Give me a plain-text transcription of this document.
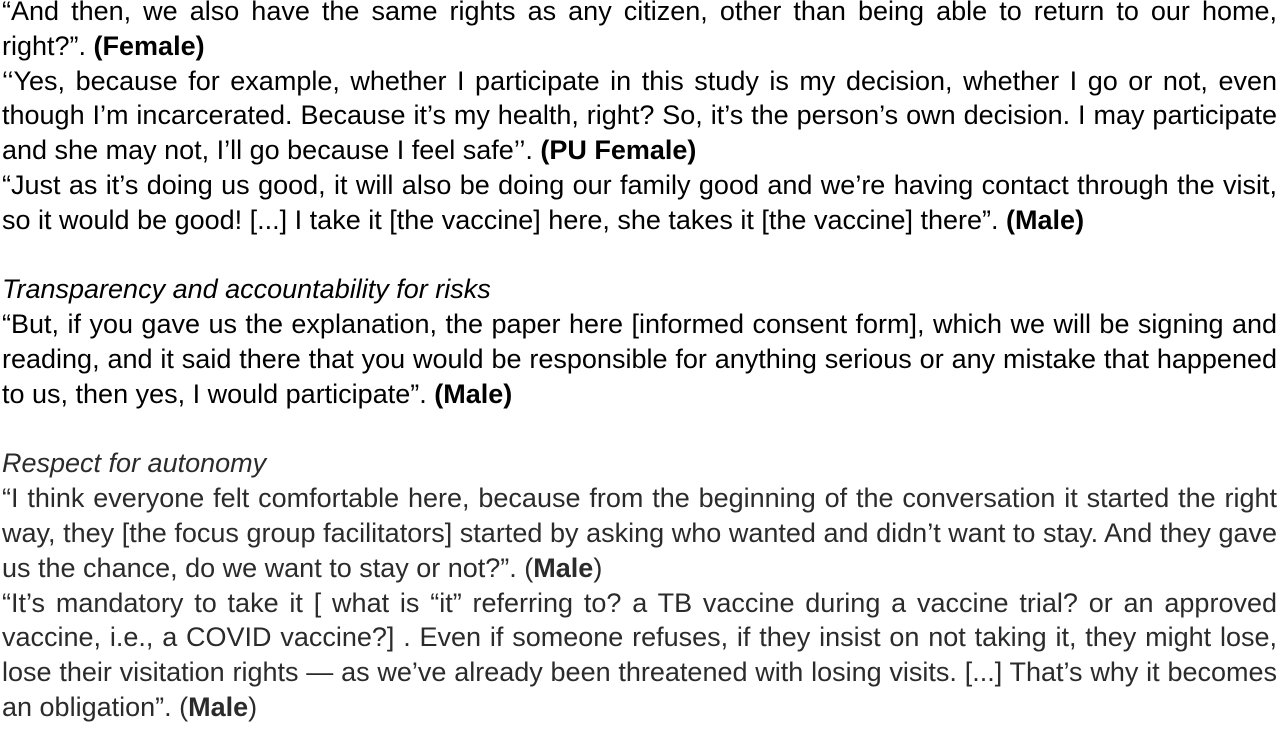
“And then, we also have the same rights as any citizen, other than being able to return to our home, right?”. (Female)

‘‘Yes, because for example, whether I participate in this study is my decision, whether I go or not, even though I’m incarcerated. Because it’s my health, right? So, it’s the person’s own decision. I may participate and she may not, I’ll go because I feel safe’’. (PU Female)

“Just as it’s doing us good, it will also be doing our family good and we’re having contact through the visit, so it would be good! [...] I take it [the vaccine] here, she takes it [the vaccine] there”. (Male)

Transparency and accountability for risks

“But, if you gave us the explanation, the paper here [informed consent form], which we will be signing and reading, and it said there that you would be responsible for anything serious or any mistake that happened to us, then yes, I would participate”. (Male)

Respect for autonomy

“I think everyone felt comfortable here, because from the beginning of the conversation it started the right way, they [the focus group facilitators] started by asking who wanted and didn’t want to stay. And they gave us the chance, do we want to stay or not?”. (Male)

“It’s mandatory to take it [ what is “it” referring to? a TB vaccine during a vaccine trial? or an approved vaccine, i.e., a COVID vaccine?] . Even if someone refuses, if they insist on not taking it, they might lose, lose their visitation rights — as we’ve already been threatened with losing visits. [...] That’s why it becomes an obligation”. (Male)
